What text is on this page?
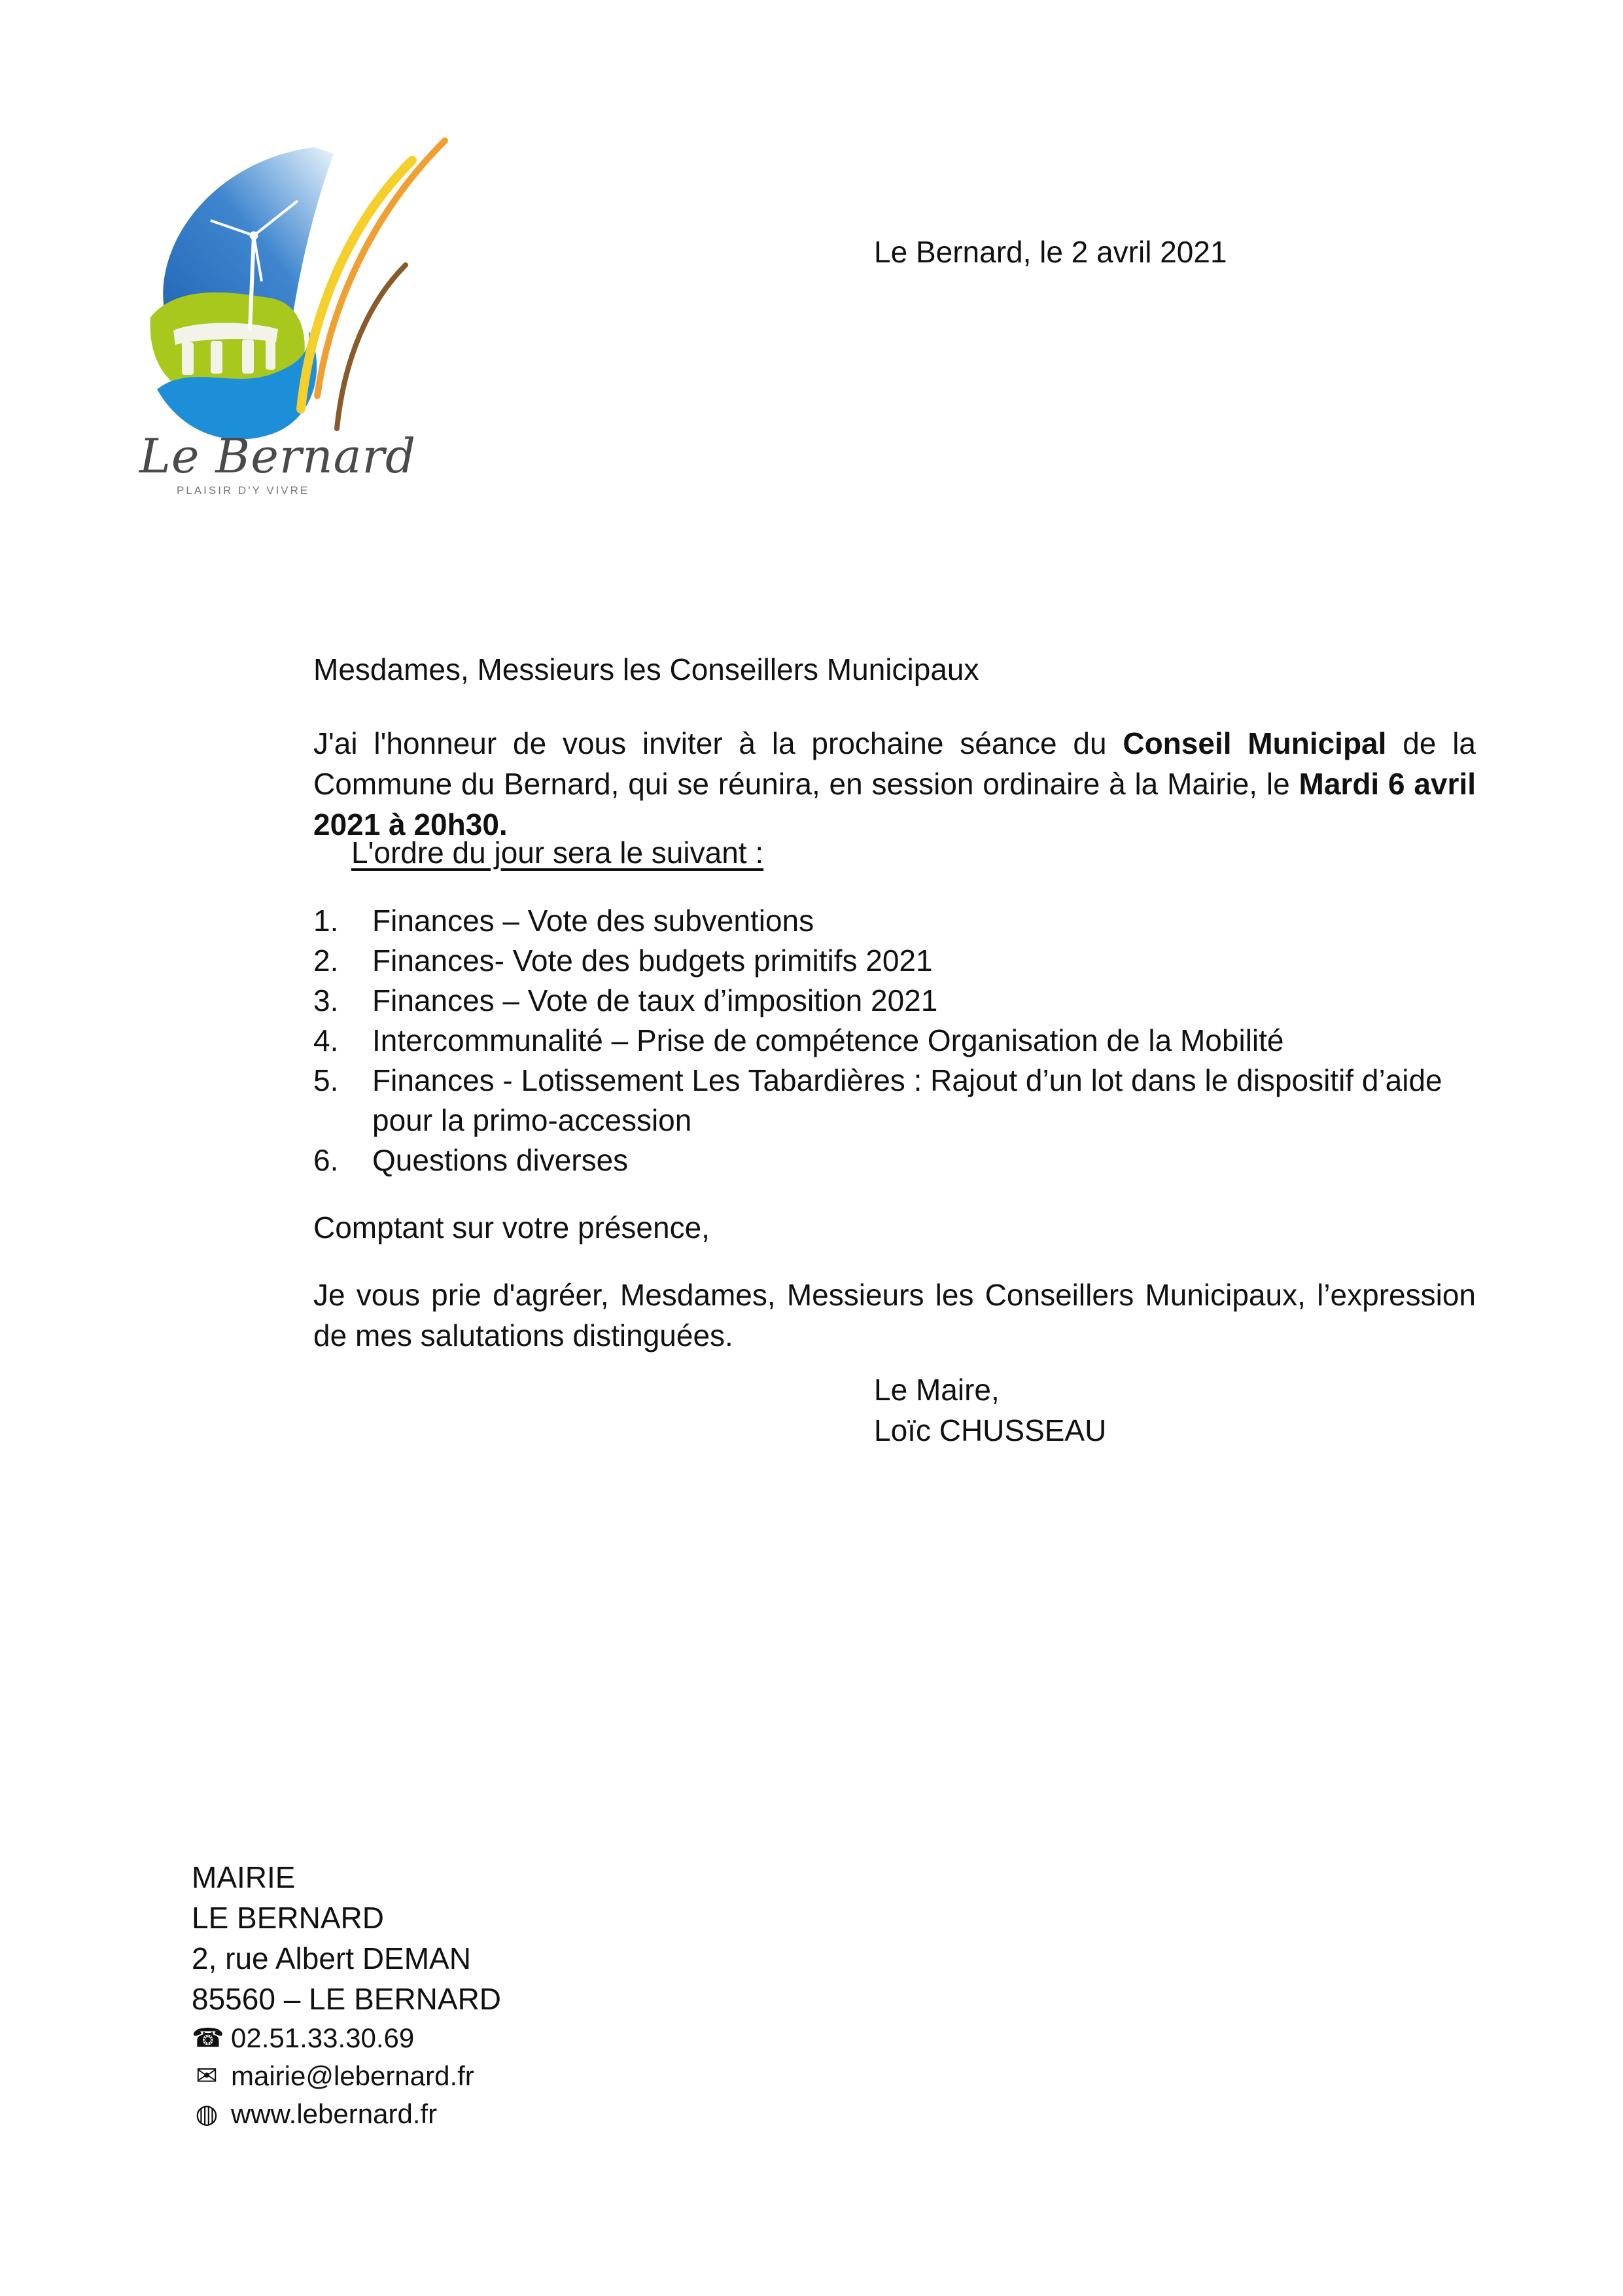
Le Bernard
PLAISIR D'Y VIVRE
Le Bernard, le 2 avril 2021
Mesdames, Messieurs les Conseillers Municipaux
J'ai l'honneur de vous inviter à la prochaine séance du Conseil Municipal de la Commune du Bernard, qui se réunira, en session ordinaire à la Mairie, le Mardi 6 avril 2021 à 20h30.
L'ordre du jour sera le suivant :
1. Finances – Vote des subventions
2. Finances- Vote des budgets primitifs 2021
3. Finances – Vote de taux d’imposition 2021
4. Intercommunalité – Prise de compétence Organisation de la Mobilité
5. Finances - Lotissement Les Tabardières : Rajout d’un lot dans le dispositif d’aide pour la primo-accession
6. Questions diverses
Comptant sur votre présence,
Je vous prie d'agréer, Mesdames, Messieurs les Conseillers Municipaux, l’expression de mes salutations distinguées.
Le Maire,
Loïc CHUSSEAU
MAIRIE
LE BERNARD
2, rue Albert DEMAN
85560 – LE BERNARD
☎ 02.51.33.30.69
✉ mairie@lebernard.fr
◍ www.lebernard.fr
